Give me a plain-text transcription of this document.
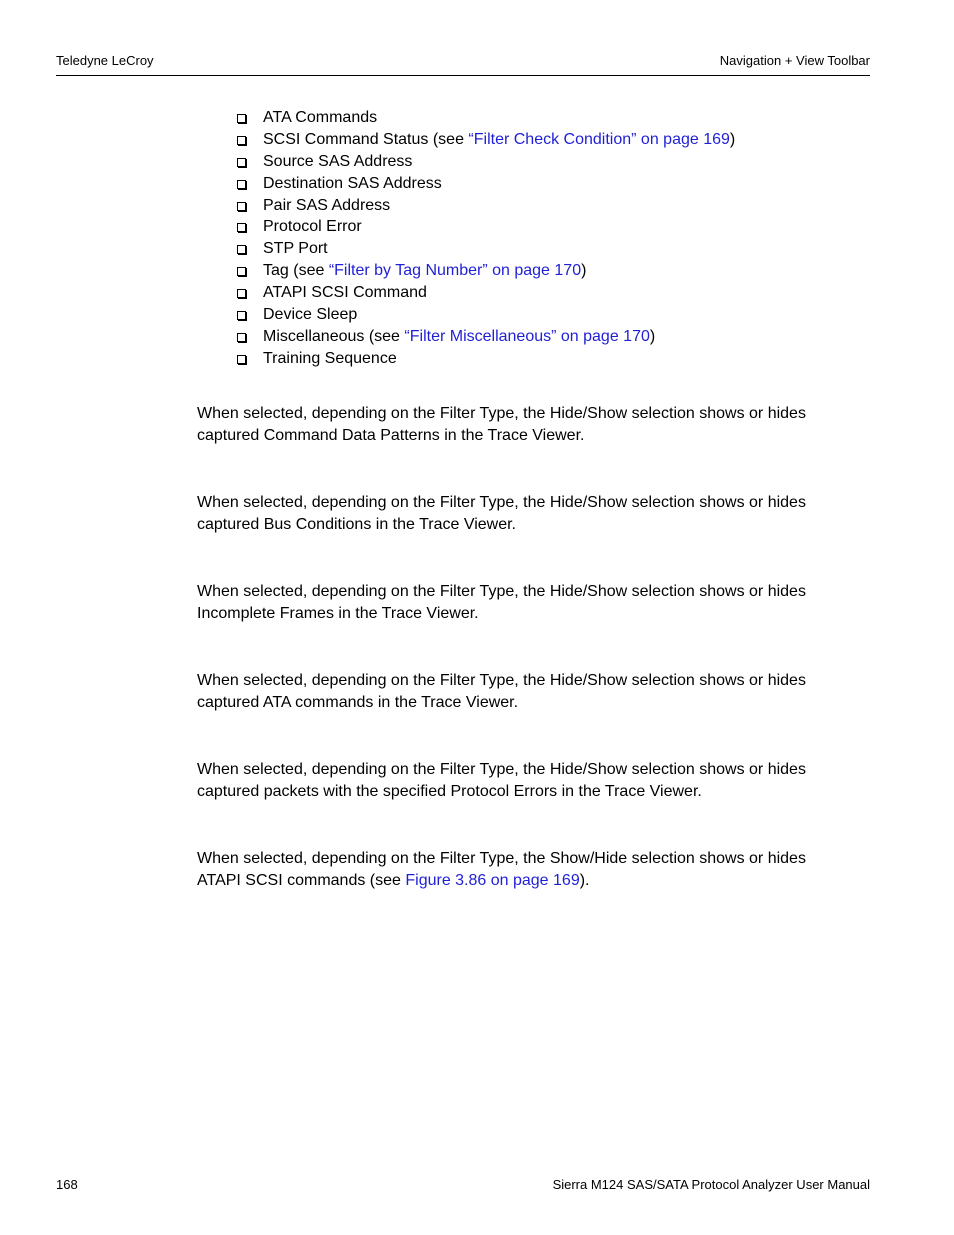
Teledyne LeCroy	Navigation + View Toolbar
ATA Commands
SCSI Command Status (see “Filter Check Condition” on page 169)
Source SAS Address
Destination SAS Address
Pair SAS Address
Protocol Error
STP Port
Tag (see “Filter by Tag Number” on page 170)
ATAPI SCSI Command
Device Sleep
Miscellaneous (see “Filter Miscellaneous” on page 170)
Training Sequence

When selected, depending on the Filter Type, the Hide/Show selection shows or hides
captured Command Data Patterns in the Trace Viewer.

When selected, depending on the Filter Type, the Hide/Show selection shows or hides
captured Bus Conditions in the Trace Viewer.

When selected, depending on the Filter Type, the Hide/Show selection shows or hides
Incomplete Frames in the Trace Viewer.

When selected, depending on the Filter Type, the Hide/Show selection shows or hides
captured ATA commands in the Trace Viewer.

When selected, depending on the Filter Type, the Hide/Show selection shows or hides
captured packets with the specified Protocol Errors in the Trace Viewer.

When selected, depending on the Filter Type, the Show/Hide selection shows or hides
ATAPI SCSI commands (see Figure 3.86 on page 169).

168	Sierra M124 SAS/SATA Protocol Analyzer User Manual
